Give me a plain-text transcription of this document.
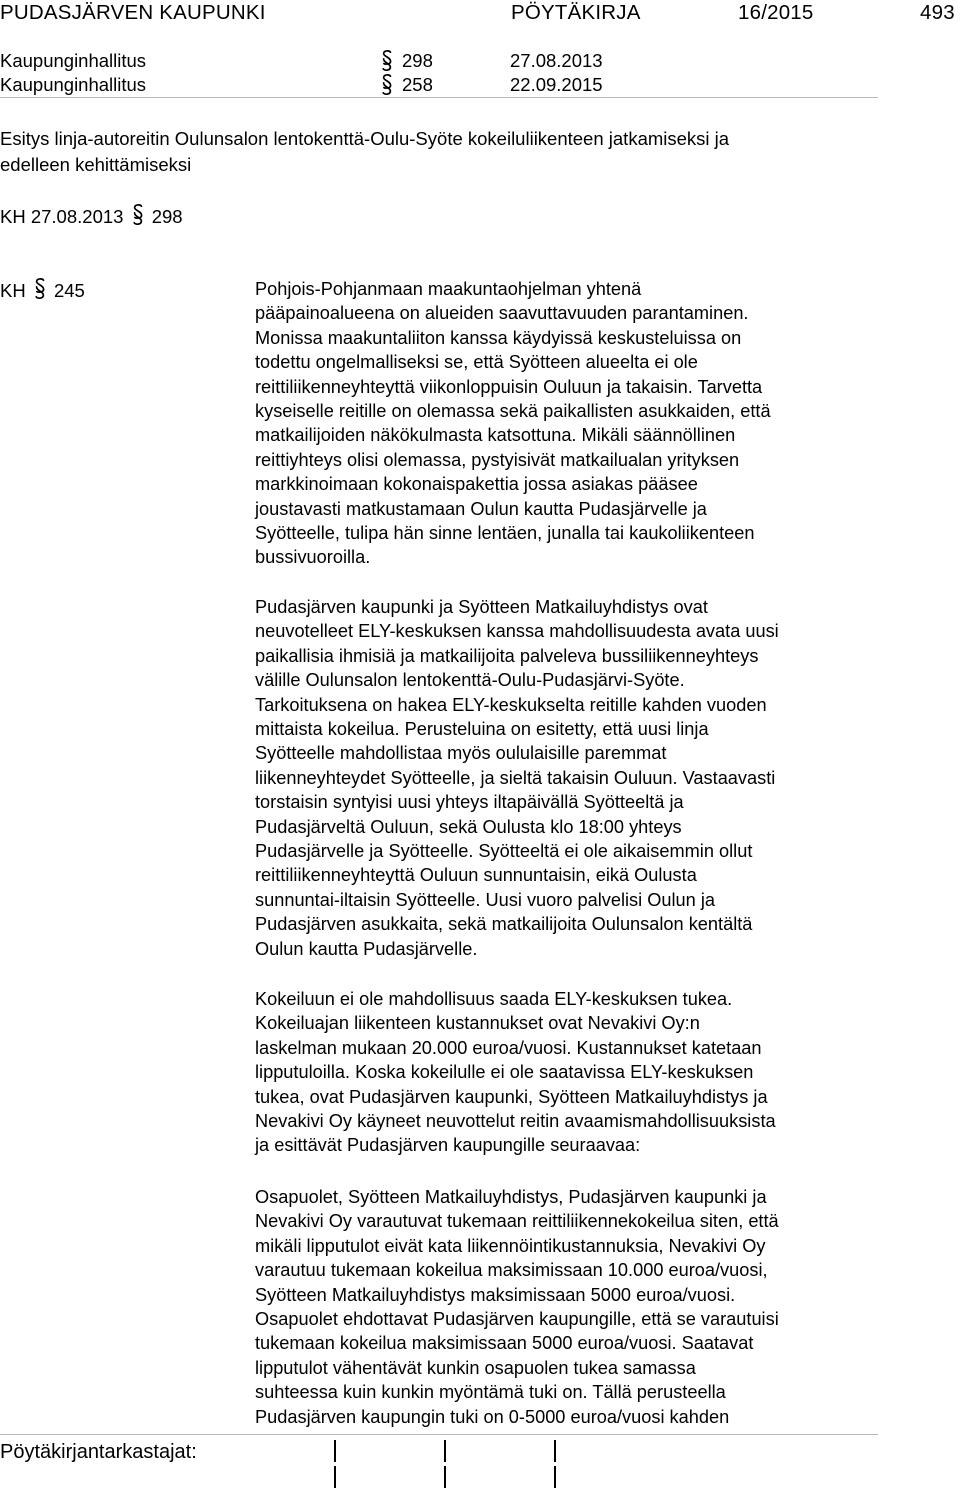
PUDASJÄRVEN KAUPUNKI	PÖYTÄKIRJA	16/2015	493
Kaupunginhallitus	298	27.08.2013
Kaupunginhallitus	258	22.09.2015
Esitys linja-autoreitin Oulunsalon lentokenttä-Oulu-Syöte kokeiluliikenteen jatkamiseksi ja
edelleen kehittämiseksi
KH 27.08.2013 298
KH 245	Pohjois-Pohjanmaan maakuntaohjelman yhtenä
pääpainoalueena on alueiden saavuttavuuden parantaminen.
Monissa maakuntaliiton kanssa käydyissä keskusteluissa on
todettu ongelmalliseksi se, että Syötteen alueelta ei ole
reittiliikenneyhteyttä viikonloppuisin Ouluun ja takaisin. Tarvetta
kyseiselle reitille on olemassa sekä paikallisten asukkaiden, että
matkailijoiden näkökulmasta katsottuna. Mikäli säännöllinen
reittiyhteys olisi olemassa, pystyisivät matkailualan yrityksen
markkinoimaan kokonaispakettia jossa asiakas pääsee
joustavasti matkustamaan Oulun kautta Pudasjärvelle ja
Syötteelle, tulipa hän sinne lentäen, junalla tai kaukoliikenteen
bussivuoroilla.
Pudasjärven kaupunki ja Syötteen Matkailuyhdistys ovat
neuvotelleet ELY-keskuksen kanssa mahdollisuudesta avata uusi
paikallisia ihmisiä ja matkailijoita palveleva bussiliikenneyhteys
välille Oulunsalon lentokenttä-Oulu-Pudasjärvi-Syöte.
Tarkoituksena on hakea ELY-keskukselta reitille kahden vuoden
mittaista kokeilua. Perusteluina on esitetty, että uusi linja
Syötteelle mahdollistaa myös oululaisille paremmat
liikenneyhteydet Syötteelle, ja sieltä takaisin Ouluun. Vastaavasti
torstaisin syntyisi uusi yhteys iltapäivällä Syötteeltä ja
Pudasjärveltä Ouluun, sekä Oulusta klo 18:00 yhteys
Pudasjärvelle ja Syötteelle. Syötteeltä ei ole aikaisemmin ollut
reittiliikenneyhteyttä Ouluun sunnuntaisin, eikä Oulusta
sunnuntai-iltaisin Syötteelle. Uusi vuoro palvelisi Oulun ja
Pudasjärven asukkaita, sekä matkailijoita Oulunsalon kentältä
Oulun kautta Pudasjärvelle.
Kokeiluun ei ole mahdollisuus saada ELY-keskuksen tukea.
Kokeiluajan liikenteen kustannukset ovat Nevakivi Oy:n
laskelman mukaan 20.000 euroa/vuosi. Kustannukset katetaan
lipputuloilla. Koska kokeilulle ei ole saatavissa ELY-keskuksen
tukea, ovat Pudasjärven kaupunki, Syötteen Matkailuyhdistys ja
Nevakivi Oy käyneet neuvottelut reitin avaamismahdollisuuksista
ja esittävät Pudasjärven kaupungille seuraavaa:
Osapuolet, Syötteen Matkailuyhdistys, Pudasjärven kaupunki ja
Nevakivi Oy varautuvat tukemaan reittiliikennekokeilua siten, että
mikäli lipputulot eivät kata liikennöintikustannuksia, Nevakivi Oy
varautuu tukemaan kokeilua maksimissaan 10.000 euroa/vuosi,
Syötteen Matkailuyhdistys maksimissaan 5000 euroa/vuosi.
Osapuolet ehdottavat Pudasjärven kaupungille, että se varautuisi
tukemaan kokeilua maksimissaan 5000 euroa/vuosi. Saatavat
lipputulot vähentävät kunkin osapuolen tukea samassa
suhteessa kuin kunkin myöntämä tuki on. Tällä perusteella
Pudasjärven kaupungin tuki on 0-5000 euroa/vuosi kahden
Pöytäkirjantarkastajat:
